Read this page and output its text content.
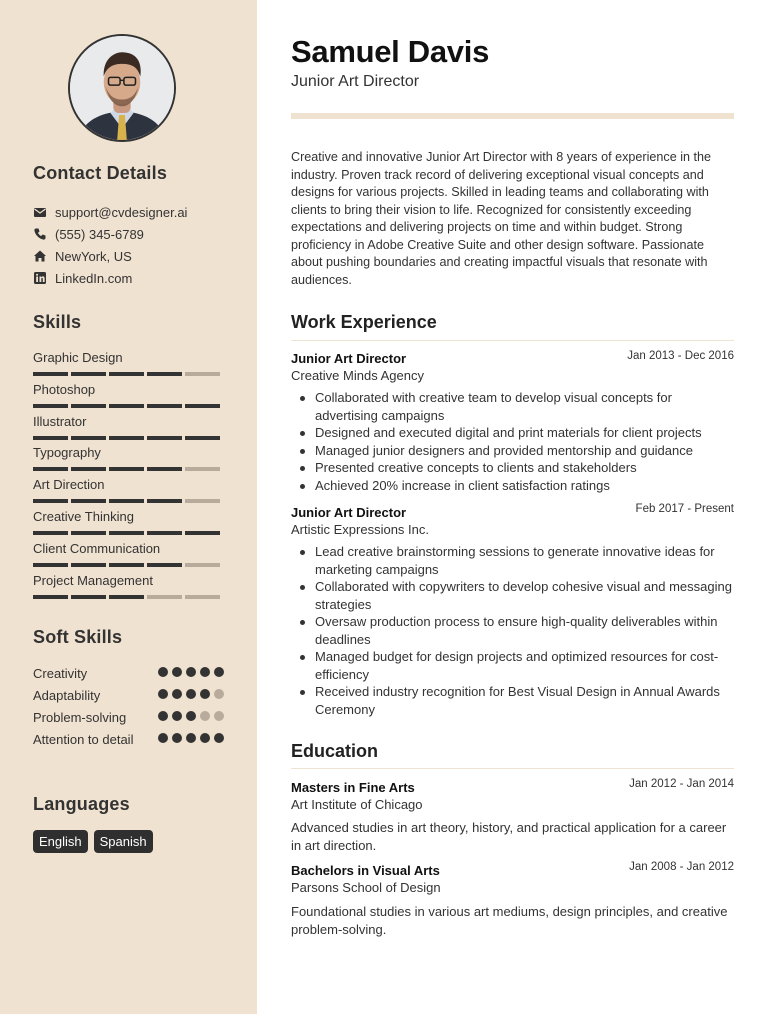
Contact Details
support@cvdesigner.ai
(555) 345-6789
NewYork, US
LinkedIn.com
Skills
Graphic Design
Photoshop
Illustrator
Typography
Art Direction
Creative Thinking
Client Communication
Project Management
Soft Skills
Creativity
Adaptability
Problem-solving
Attention to detail
Languages
English	Spanish
Samuel Davis
Junior Art Director
Creative and innovative Junior Art Director with 8 years of experience in the industry. Proven track record of delivering exceptional visual concepts and designs for various projects. Skilled in leading teams and collaborating with clients to bring their vision to life. Recognized for consistently exceeding expectations and delivering projects on time and within budget. Strong proficiency in Adobe Creative Suite and other design software. Passionate about pushing boundaries and creating impactful visuals that resonate with audiences.
Work Experience
Junior Art Director	Jan 2013 - Dec 2016
Creative Minds Agency
Collaborated with creative team to develop visual concepts for advertising campaigns
Designed and executed digital and print materials for client projects
Managed junior designers and provided mentorship and guidance
Presented creative concepts to clients and stakeholders
Achieved 20% increase in client satisfaction ratings
Junior Art Director	Feb 2017 - Present
Artistic Expressions Inc.
Lead creative brainstorming sessions to generate innovative ideas for marketing campaigns
Collaborated with copywriters to develop cohesive visual and messaging strategies
Oversaw production process to ensure high-quality deliverables within deadlines
Managed budget for design projects and optimized resources for cost-efficiency
Received industry recognition for Best Visual Design in Annual Awards Ceremony
Education
Masters in Fine Arts	Jan 2012 - Jan 2014
Art Institute of Chicago
Advanced studies in art theory, history, and practical application for a career in art direction.
Bachelors in Visual Arts	Jan 2008 - Jan 2012
Parsons School of Design
Foundational studies in various art mediums, design principles, and creative problem-solving.
